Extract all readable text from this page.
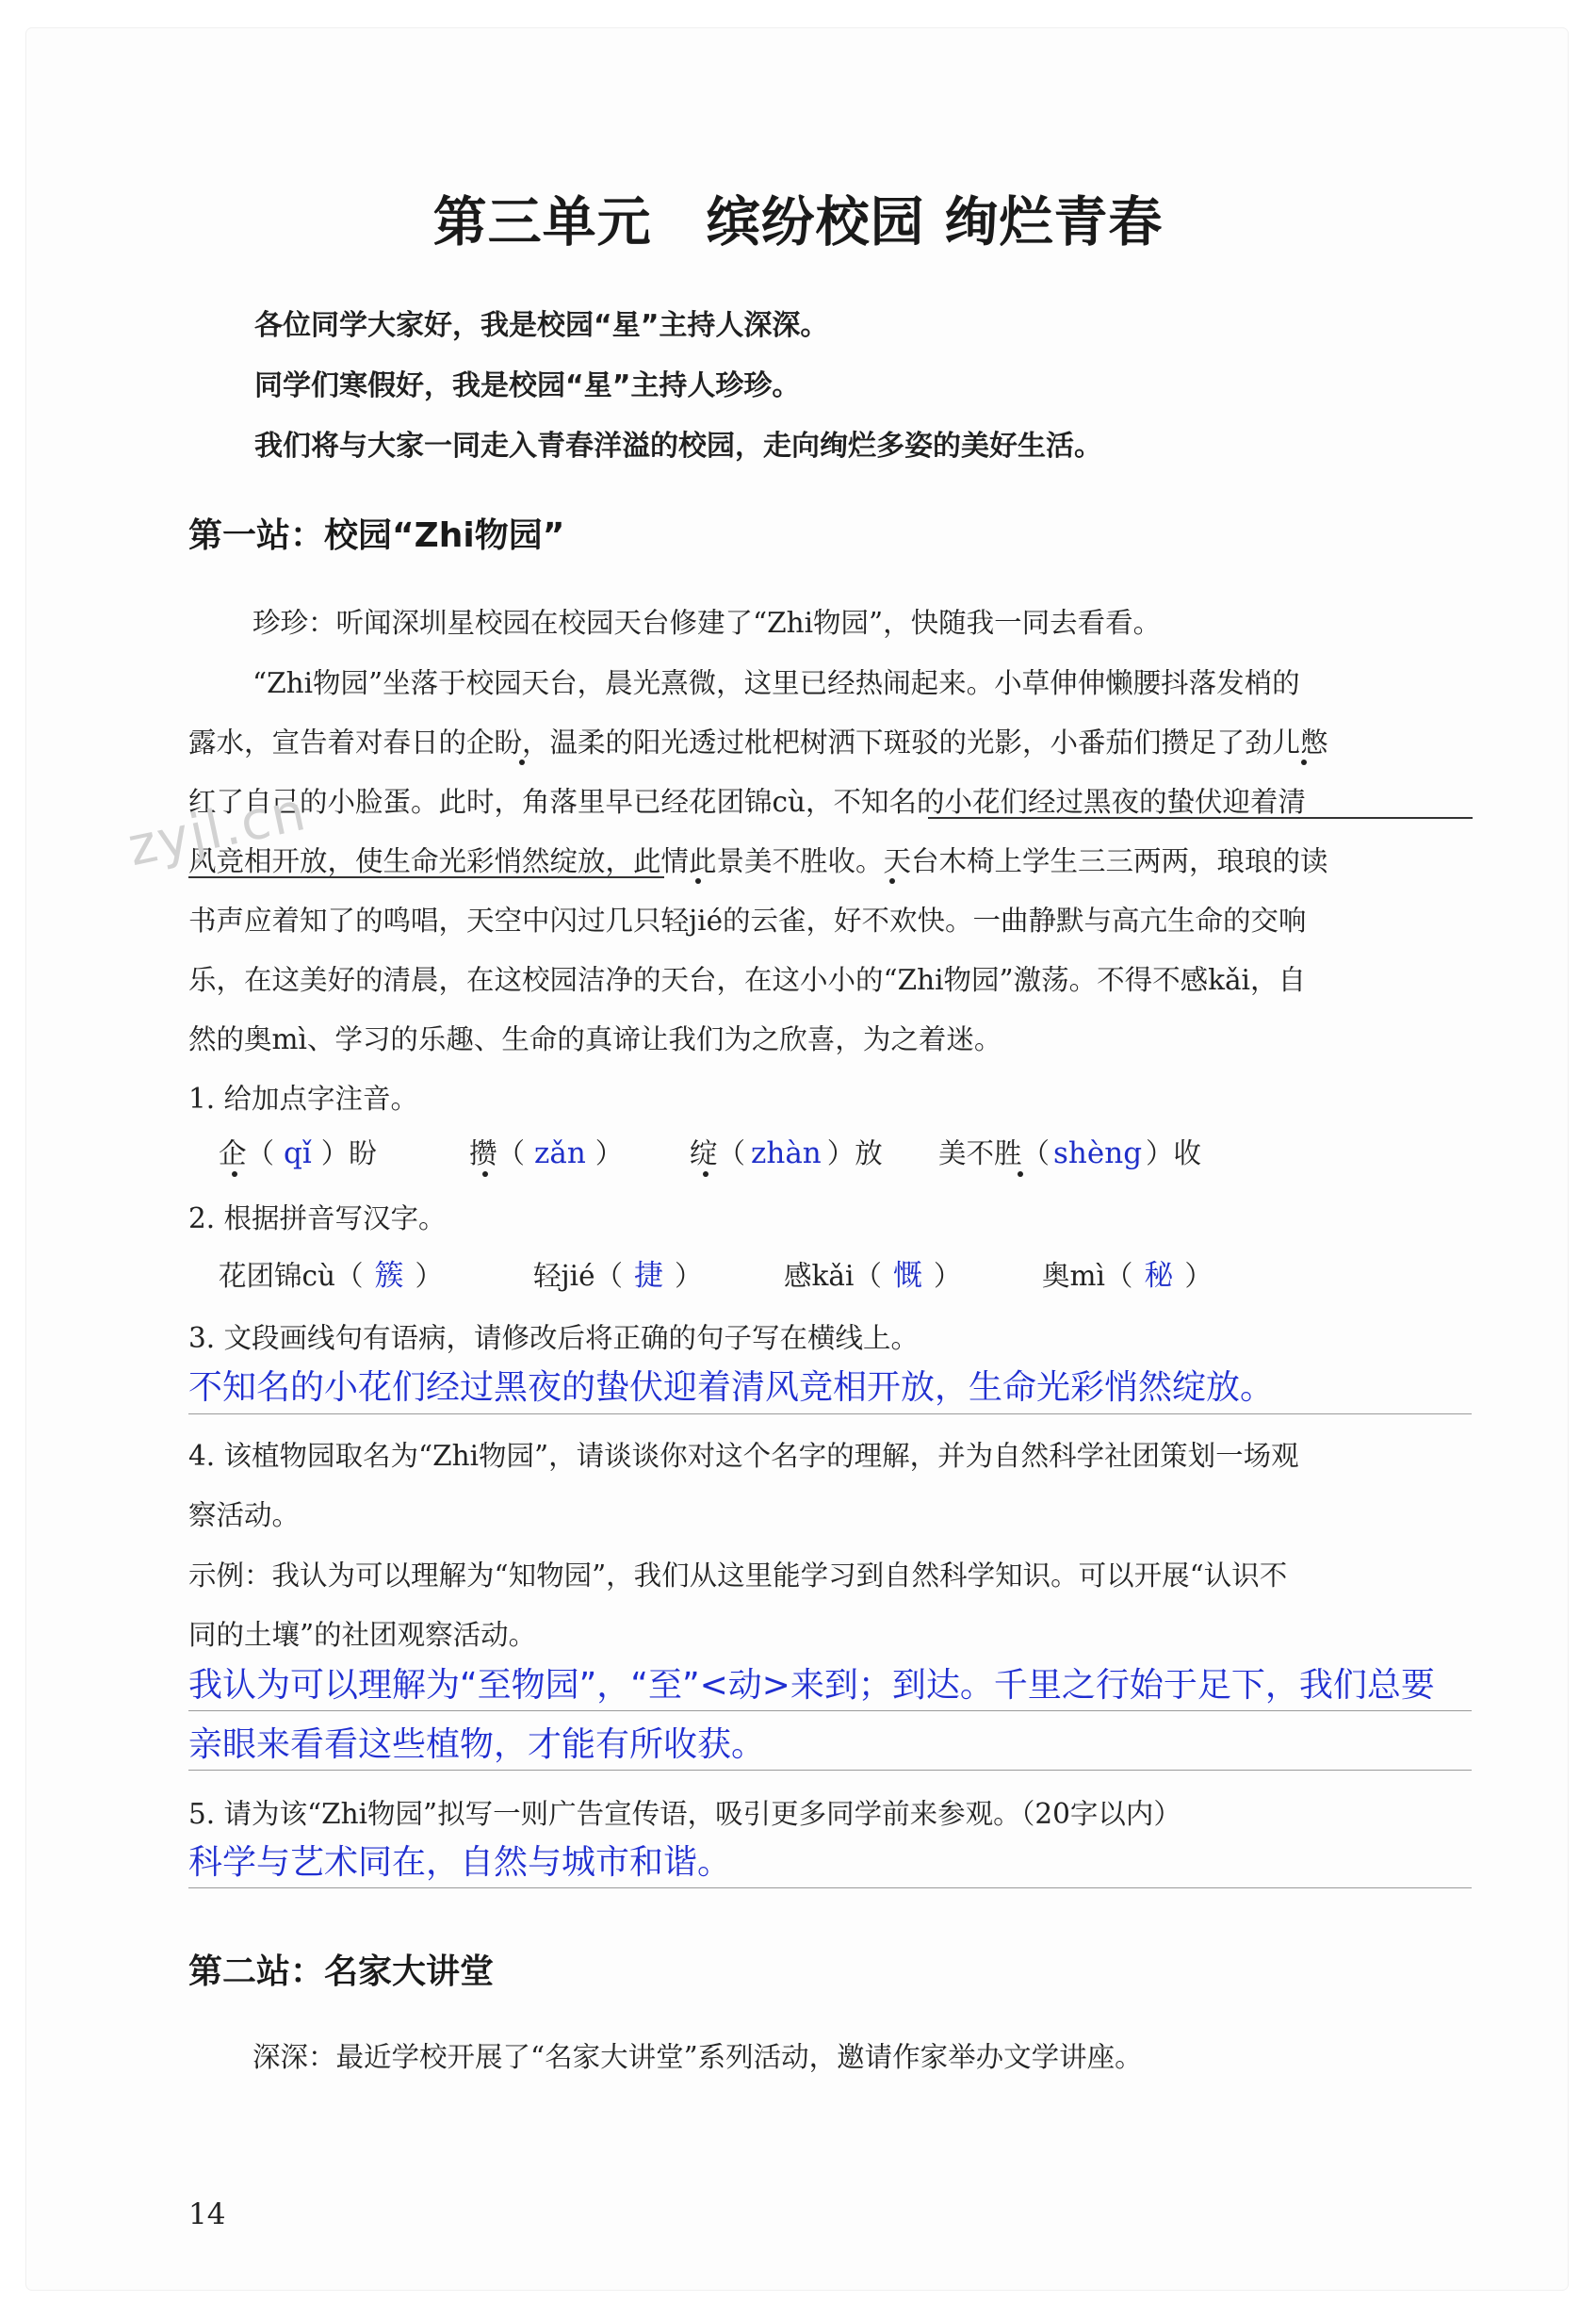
第三单元　缤纷校园 绚烂青春
各位同学大家好，我是校园“星”主持人深深。
同学们寒假好，我是校园“星”主持人珍珍。
我们将与大家一同走入青春洋溢的校园，走向绚烂多姿的美好生活。
第一站：校园“Zhi物园”
珍珍：听闻深圳星校园在校园天台修建了“Zhi物园”，快随我一同去看看。
“Zhi物园”坐落于校园天台，晨光熹微，这里已经热闹起来。小草伸伸懒腰抖落发梢的
露水，宣告着对春日的企盼，温柔的阳光透过枇杷树洒下斑驳的光影，小番茄们攒足了劲儿憋
红了自己的小脸蛋。此时，角落里早已经花团锦cù，不知名的小花们经过黑夜的蛰伏迎着清
风竞相开放，使生命光彩悄然绽放，此情此景美不胜收。天台木椅上学生三三两两，琅琅的读
书声应着知了的鸣唱，天空中闪过几只轻jié的云雀，好不欢快。一曲静默与高亢生命的交响
乐，在这美好的清晨，在这校园洁净的天台，在这小小的“Zhi物园”激荡。不得不感kǎi，自
然的奥mì、学习的乐趣、生命的真谛让我们为之欣喜，为之着迷。
zyjl.cn
1. 给加点字注音。
企（ qǐ ）盼	攒（ zǎn ） 绽（ zhàn ）放 美不胜（ shèng ）收
2. 根据拼音写汉字。
花团锦cù（ 簇 ）	轻jié（ 捷 ）	感kǎi（ 慨 ）	奥mì（ 秘 ）
3. 文段画线句有语病，请修改后将正确的句子写在横线上。
不知名的小花们经过黑夜的蛰伏迎着清风竞相开放，生命光彩悄然绽放。
4. 该植物园取名为“Zhi物园”，请谈谈你对这个名字的理解，并为自然科学社团策划一场观
察活动。
示例：我认为可以理解为“知物园”，我们从这里能学习到自然科学知识。可以开展“认识不
同的土壤”的社团观察活动。
我认为可以理解为“至物园”，“至”<动>来到；到达。千里之行始于足下，我们总要
亲眼来看看这些植物，才能有所收获。
5. 请为该“Zhi物园”拟写一则广告宣传语，吸引更多同学前来参观。（20字以内）
科学与艺术同在，自然与城市和谐。
第二站：名家大讲堂
深深：最近学校开展了“名家大讲堂”系列活动，邀请作家举办文学讲座。
14
